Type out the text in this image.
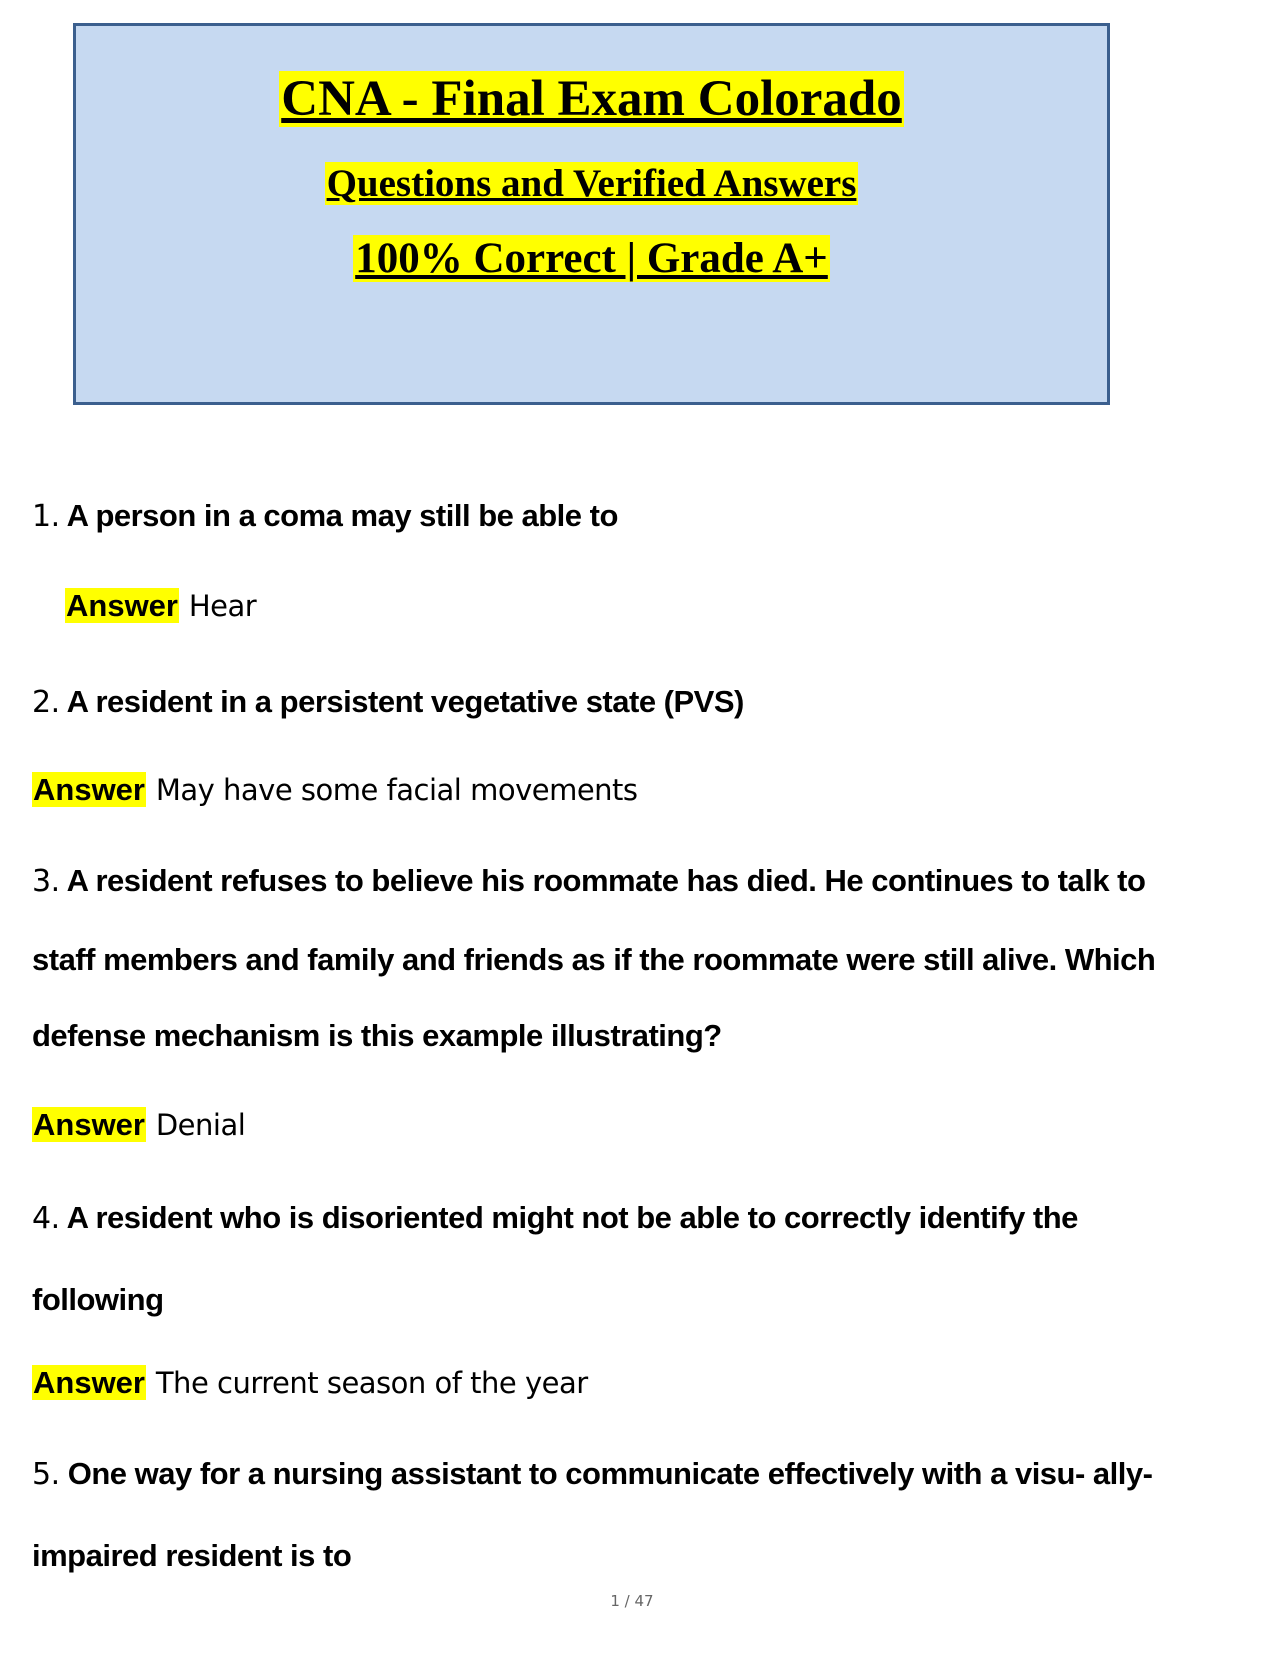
CNA - Final Exam Colorado
Questions and Verified Answers
100% Correct | Grade A+
1. A person in a coma may still be able to
Answer Hear
2. A resident in a persistent vegetative state (PVS)
Answer May have some facial movements
3. A resident refuses to believe his roommate has died. He continues to talk to
staff members and family and friends as if the roommate were still alive. Which
defense mechanism is this example illustrating?
Answer Denial
4. A resident who is disoriented might not be able to correctly identify the
following
Answer The current season of the year
5. One way for a nursing assistant to communicate effectively with a visu- ally-
impaired resident is to
1 / 47
